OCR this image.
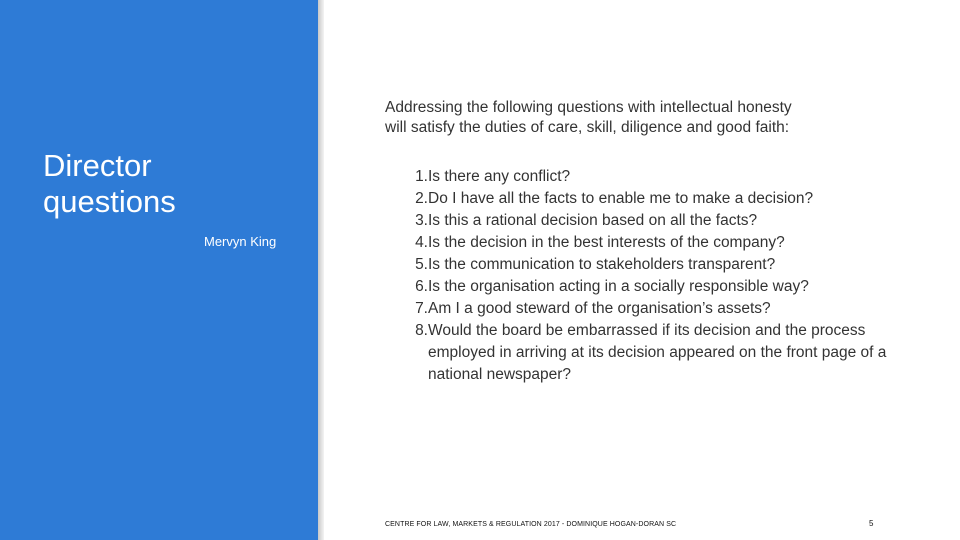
Director
questions
Mervyn King

Addressing the following questions with intellectual honesty
will satisfy the duties of care, skill, diligence and good faith:

1. Is there any conflict?
2. Do I have all the facts to enable me to make a decision?
3. Is this a rational decision based on all the facts?
4. Is the decision in the best interests of the company?
5. Is the communication to stakeholders transparent?
6. Is the organisation acting in a socially responsible way?
7. Am I a good steward of the organisation’s assets?
8. Would the board be embarrassed if its decision and the process employed in arriving at its decision appeared on the front page of a national newspaper?
CENTRE FOR LAW, MARKETS & REGULATION 2017 - DOMINIQUE HOGAN-DORAN SC	5
